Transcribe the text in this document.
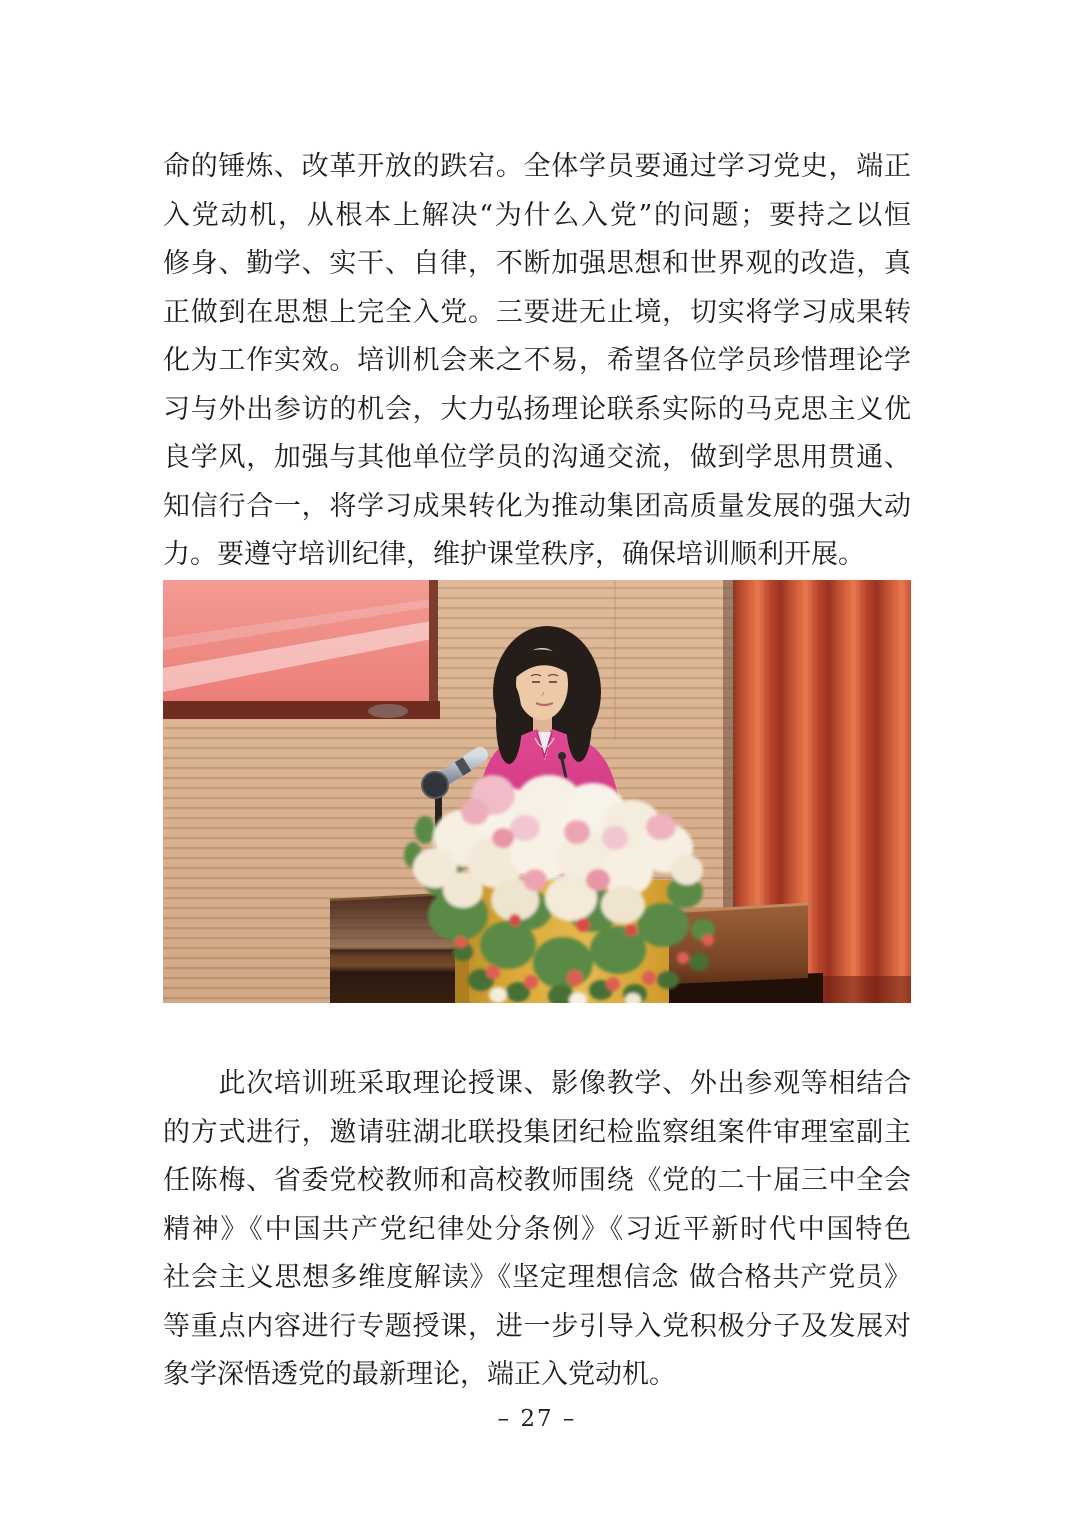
命的锤炼、改革开放的跌宕。全体学员要通过学习党史，端正
入党动机，从根本上解决“为什么入党”的问题；要持之以恒
修身、勤学、实干、自律，不断加强思想和世界观的改造，真
正做到在思想上完全入党。三要进无止境，切实将学习成果转
化为工作实效。培训机会来之不易，希望各位学员珍惜理论学
习与外出参访的机会，大力弘扬理论联系实际的马克思主义优
良学风，加强与其他单位学员的沟通交流，做到学思用贯通、
知信行合一，将学习成果转化为推动集团高质量发展的强大动
力。要遵守培训纪律，维护课堂秩序，确保培训顺利开展。
　　此次培训班采取理论授课、影像教学、外出参观等相结合
的方式进行，邀请驻湖北联投集团纪检监察组案件审理室副主
任陈梅、省委党校教师和高校教师围绕《党的二十届三中全会
精神》《中国共产党纪律处分条例》《习近平新时代中国特色
社会主义思想多维度解读》《坚定理想信念 做合格共产党员》
等重点内容进行专题授课，进一步引导入党积极分子及发展对
象学深悟透党的最新理论，端正入党动机。
– 27 –
